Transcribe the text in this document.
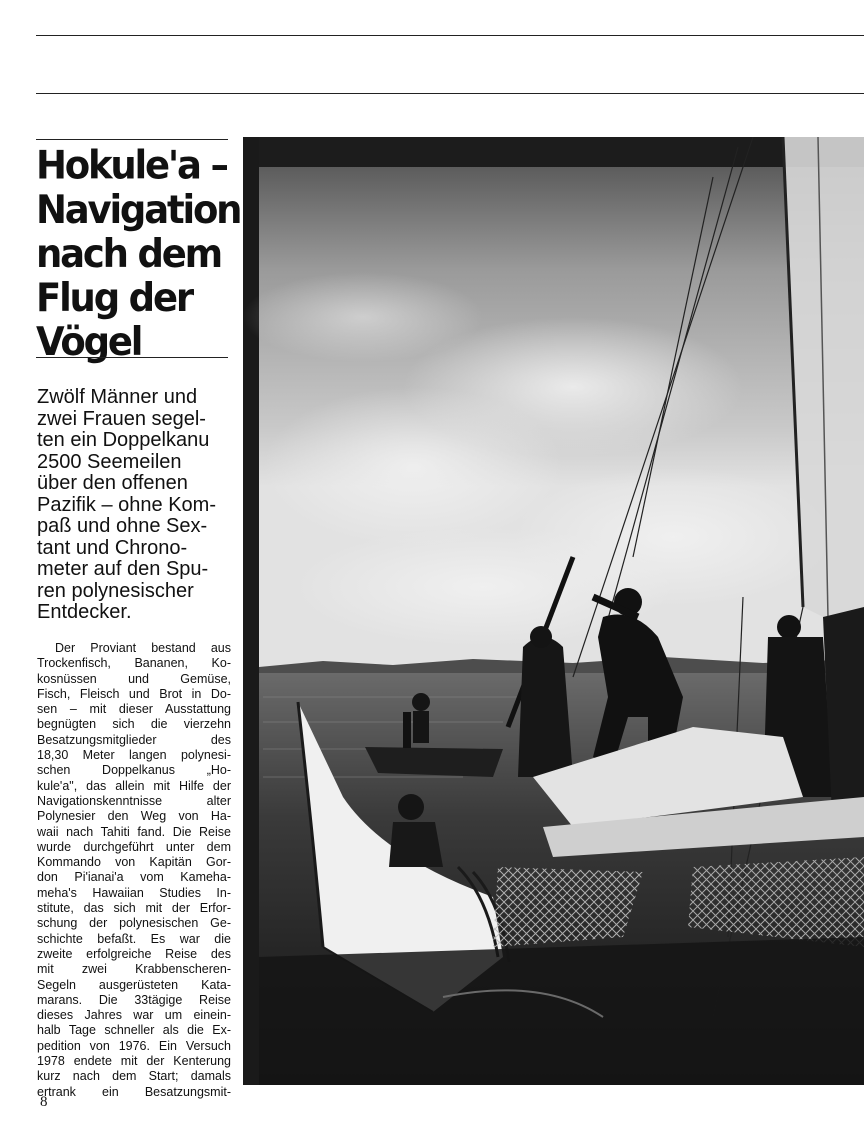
Hokule'a –
Navigation
nach dem
Flug der
Vögel

Zwölf Männer und
zwei Frauen segel-
ten ein Doppelkanu
2500 Seemeilen
über den offenen
Pazifik – ohne Kom-
paß und ohne Sex-
tant und Chrono-
meter auf den Spu-
ren polynesischer
Entdecker.

Der Proviant bestand aus
Trockenfisch, Bananen, Ko-
kosnüssen und Gemüse,
Fisch, Fleisch und Brot in Do-
sen – mit dieser Ausstattung
begnügten sich die vierzehn
Besatzungsmitglieder des
18,30 Meter langen polynesi-
schen Doppelkanus „Ho-
kule'a", das allein mit Hilfe der
Navigationskenntnisse alter
Polynesier den Weg von Ha-
waii nach Tahiti fand. Die Reise
wurde durchgeführt unter dem
Kommando von Kapitän Gor-
don Pi'ianai'a vom Kameha-
meha's Hawaiian Studies In-
stitute, das sich mit der Erfor-
schung der polynesischen Ge-
schichte befaßt. Es war die
zweite erfolgreiche Reise des
mit zwei Krabbenscheren-
Segeln ausgerüsteten Kata-
marans. Die 33tägige Reise
dieses Jahres war um einein-
halb Tage schneller als die Ex-
pedition von 1976. Ein Versuch
1978 endete mit der Kenterung
kurz nach dem Start; damals
ertrank ein Besatzungsmit-

8
